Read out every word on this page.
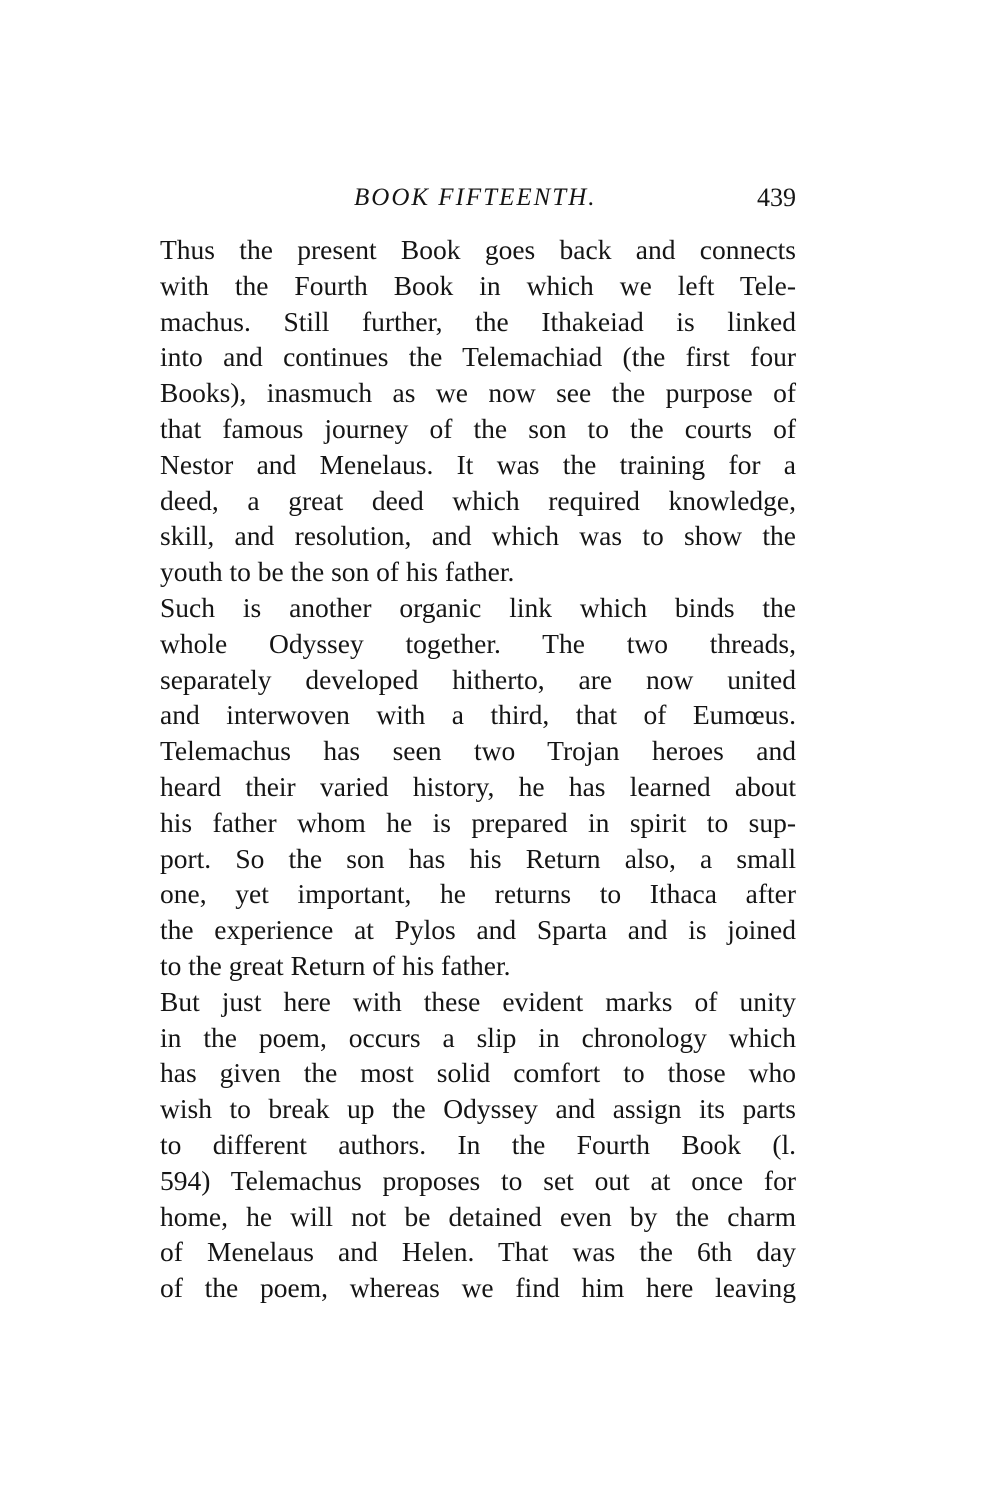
BOOK FIFTEENTH.	439
Thus the present Book goes back and connects
with the Fourth Book in which we left Tele-
machus. Still further, the Ithakeiad is linked
into and continues the Telemachiad (the first four
Books), inasmuch as we now see the purpose of
that famous journey of the son to the courts of
Nestor and Menelaus. It was the training for a
deed, a great deed which required knowledge,
skill, and resolution, and which was to show the
youth to be the son of his father.
Such is another organic link which binds the
whole Odyssey together. The two threads,
separately developed hitherto, are now united
and interwoven with a third, that of Eumœus.
Telemachus has seen two Trojan heroes and
heard their varied history, he has learned about
his father whom he is prepared in spirit to sup-
port. So the son has his Return also, a small
one, yet important, he returns to Ithaca after
the experience at Pylos and Sparta and is joined
to the great Return of his father.
But just here with these evident marks of unity
in the poem, occurs a slip in chronology which
has given the most solid comfort to those who
wish to break up the Odyssey and assign its parts
to different authors. In the Fourth Book (l.
594) Telemachus proposes to set out at once for
home, he will not be detained even by the charm
of Menelaus and Helen. That was the 6th day
of the poem, whereas we find him here leaving
